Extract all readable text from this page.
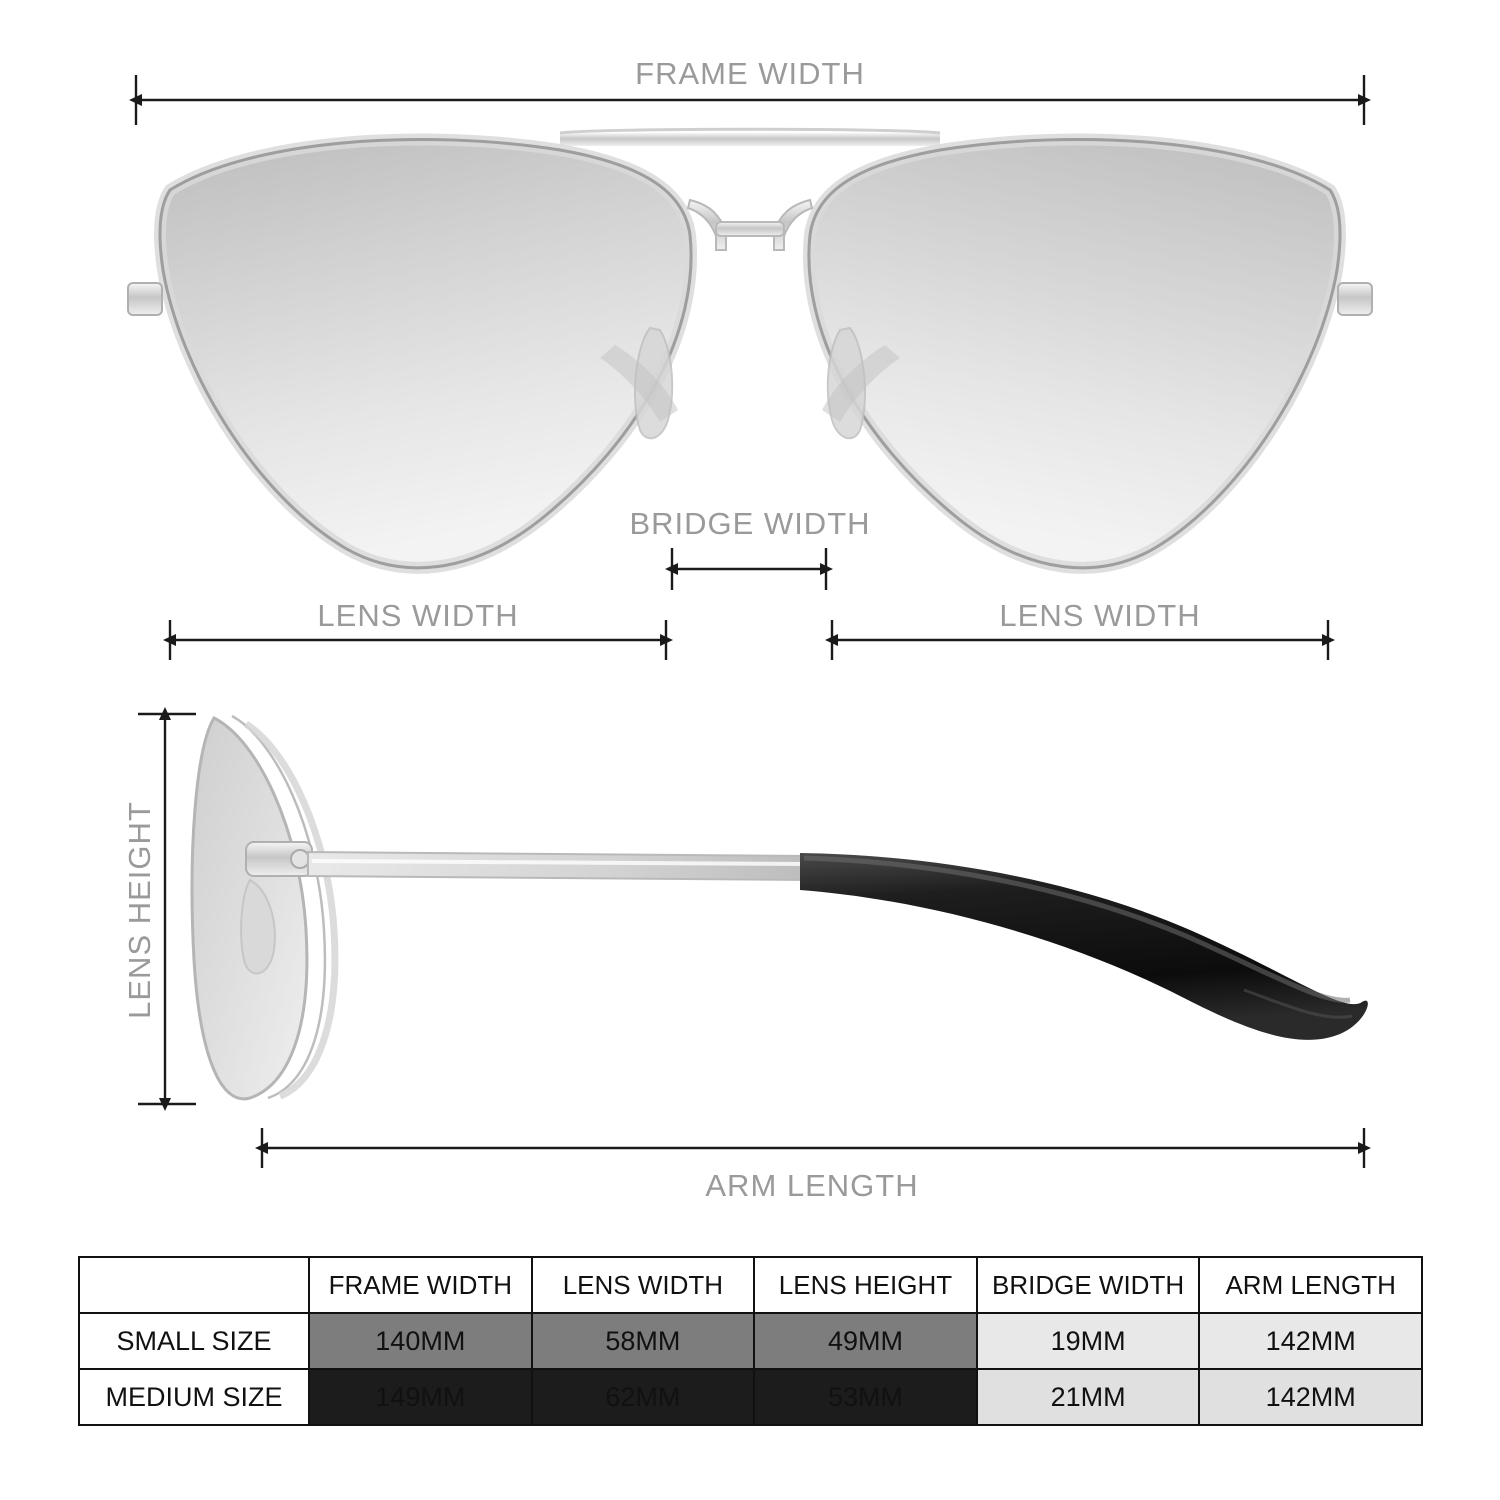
FRAME WIDTH
BRIDGE WIDTH
LENS WIDTH	LENS WIDTH
LENS HEIGHT
ARM LENGTH
	FRAME WIDTH	LENS WIDTH	LENS HEIGHT	BRIDGE WIDTH	ARM LENGTH
SMALL SIZE	140MM	58MM	49MM	19MM	142MM
MEDIUM SIZE	149MM	62MM	53MM	21MM	142MM
